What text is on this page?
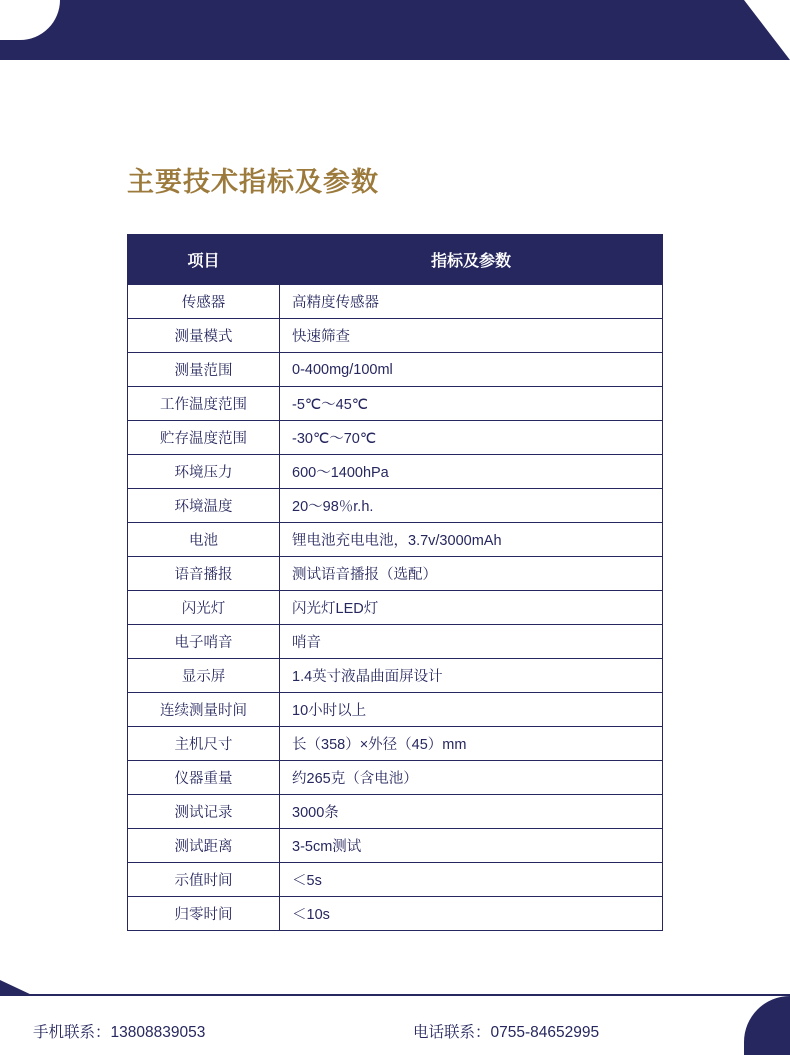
主要技术指标及参数
项目	指标及参数
传感器	高精度传感器
测量模式	快速筛查
测量范围	0-400mg/100ml
工作温度范围	-5℃～45℃
贮存温度范围	-30℃～70℃
环境压力	600～1400hPa
环境温度	20～98％r.h.
电池	锂电池充电电池，3.7v/3000mAh
语音播报	测试语音播报（选配）
闪光灯	闪光灯LED灯
电子哨音	哨音
显示屏	1.4英寸液晶曲面屏设计
连续测量时间	10小时以上
主机尺寸	长（358）×外径（45）mm
仪器重量	约265克（含电池）
测试记录	3000条
测试距离	3-5cm测试
示值时间	＜5s
归零时间	＜10s
手机联系：13808839053	电话联系：0755-84652995
